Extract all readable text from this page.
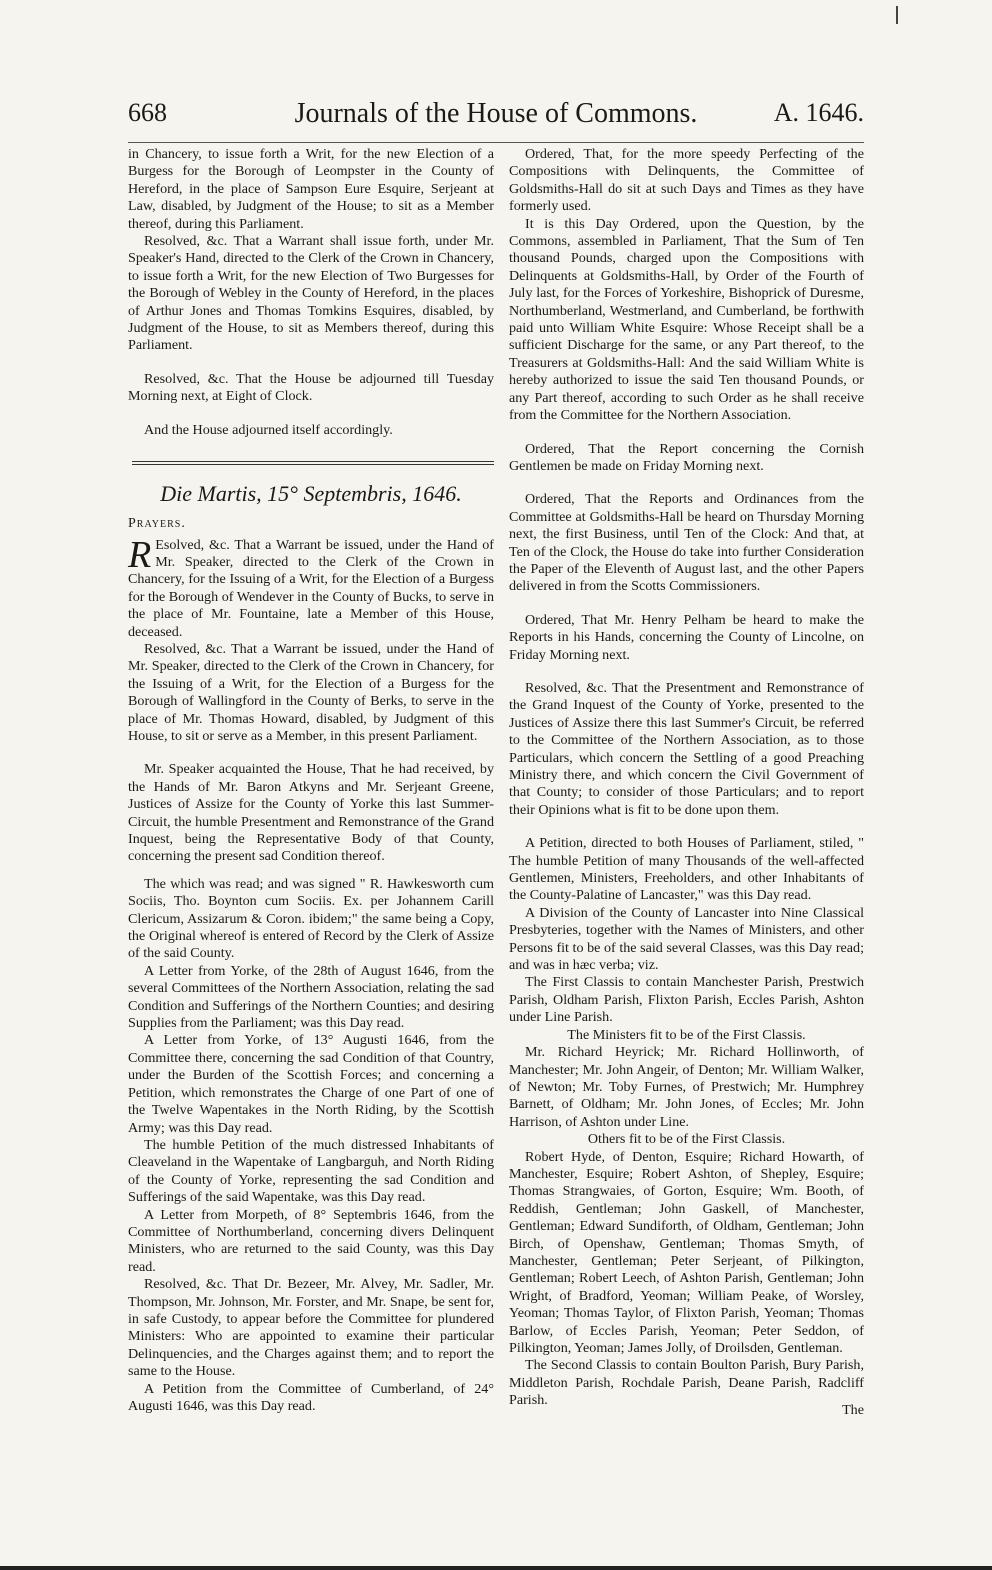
668	Journals of the House of Commons.	A. 1646.

in Chancery, to issue forth a Writ, for the new Election of a Burgess for the Borough of Leompster in the County of Hereford, in the place of Sampson Eure Esquire, Serjeant at Law, disabled, by Judgment of the House; to sit as a Member thereof, during this Parliament.

Resolved, &c. That a Warrant shall issue forth, under Mr. Speaker's Hand, directed to the Clerk of the Crown in Chancery, to issue forth a Writ, for the new Election of Two Burgesses for the Borough of Webley in the County of Hereford, in the places of Arthur Jones and Thomas Tomkins Esquires, disabled, by Judgment of the House, to sit as Members thereof, during this Parliament.

Resolved, &c. That the House be adjourned till Tuesday Morning next, at Eight of Clock.

And the House adjourned itself accordingly.

Die Martis, 15° Septembris, 1646.

Prayers.

R Esolved, &c. That a Warrant be issued, under the Hand of Mr. Speaker, directed to the Clerk of the Crown in Chancery, for the Issuing of a Writ, for the Election of a Burgess for the Borough of Wendever in the County of Bucks, to serve in the place of Mr. Fountaine, late a Member of this House, deceased.

Resolved, &c. That a Warrant be issued, under the Hand of Mr. Speaker, directed to the Clerk of the Crown in Chancery, for the Issuing of a Writ, for the Election of a Burgess for the Borough of Wallingford in the County of Berks, to serve in the place of Mr. Thomas Howard, disabled, by Judgment of this House, to sit or serve as a Member, in this present Parliament.

Mr. Speaker acquainted the House, That he had received, by the Hands of Mr. Baron Atkyns and Mr. Serjeant Greene, Justices of Assize for the County of Yorke this last Summer-Circuit, the humble Presentment and Remonstrance of the Grand Inquest, being the Representative Body of that County, concerning the present sad Condition thereof.

The which was read; and was signed " R. Hawkesworth cum Sociis, Tho. Boynton cum Sociis. Ex. per Johannem Carill Clericum, Assizarum & Coron. ibidem;" the same being a Copy, the Original whereof is entered of Record by the Clerk of Assize of the said County.

A Letter from Yorke, of the 28th of August 1646, from the several Committees of the Northern Association, relating the sad Condition and Sufferings of the Northern Counties; and desiring Supplies from the Parliament; was this Day read.

A Letter from Yorke, of 13° Augusti 1646, from the Committee there, concerning the sad Condition of that Country, under the Burden of the Scottish Forces; and concerning a Petition, which remonstrates the Charge of one Part of one of the Twelve Wapentakes in the North Riding, by the Scottish Army; was this Day read.

The humble Petition of the much distressed Inhabitants of Cleaveland in the Wapentake of Langbarguh, and North Riding of the County of Yorke, representing the sad Condition and Sufferings of the said Wapentake, was this Day read.

A Letter from Morpeth, of 8° Septembris 1646, from the Committee of Northumberland, concerning divers Delinquent Ministers, who are returned to the said County, was this Day read.

Resolved, &c. That Dr. Bezeer, Mr. Alvey, Mr. Sadler, Mr. Thompson, Mr. Johnson, Mr. Forster, and Mr. Snape, be sent for, in safe Custody, to appear before the Committee for plundered Ministers: Who are appointed to examine their particular Delinquencies, and the Charges against them; and to report the same to the House.

A Petition from the Committee of Cumberland, of 24° Augusti 1646, was this Day read.

Ordered, That, for the more speedy Perfecting of the Compositions with Delinquents, the Committee of Goldsmiths-Hall do sit at such Days and Times as they have formerly used.

It is this Day Ordered, upon the Question, by the Commons, assembled in Parliament, That the Sum of Ten thousand Pounds, charged upon the Compositions with Delinquents at Goldsmiths-Hall, by Order of the Fourth of July last, for the Forces of Yorkeshire, Bishoprick of Duresme, Northumberland, Westmerland, and Cumberland, be forthwith paid unto William White Esquire: Whose Receipt shall be a sufficient Discharge for the same, or any Part thereof, to the Treasurers at Goldsmiths-Hall: And the said William White is hereby authorized to issue the said Ten thousand Pounds, or any Part thereof, according to such Order as he shall receive from the Committee for the Northern Association.

Ordered, That the Report concerning the Cornish Gentlemen be made on Friday Morning next.

Ordered, That the Reports and Ordinances from the Committee at Goldsmiths-Hall be heard on Thursday Morning next, the first Business, until Ten of the Clock: And that, at Ten of the Clock, the House do take into further Consideration the Paper of the Eleventh of August last, and the other Papers delivered in from the Scotts Commissioners.

Ordered, That Mr. Henry Pelham be heard to make the Reports in his Hands, concerning the County of Lincolne, on Friday Morning next.

Resolved, &c. That the Presentment and Remonstrance of the Grand Inquest of the County of Yorke, presented to the Justices of Assize there this last Summer's Circuit, be referred to the Committee of the Northern Association, as to those Particulars, which concern the Settling of a good Preaching Ministry there, and which concern the Civil Government of that County; to consider of those Particulars; and to report their Opinions what is fit to be done upon them.

A Petition, directed to both Houses of Parliament, stiled, " The humble Petition of many Thousands of the well-affected Gentlemen, Ministers, Freeholders, and other Inhabitants of the County-Palatine of Lancaster," was this Day read.

A Division of the County of Lancaster into Nine Classical Presbyteries, together with the Names of Ministers, and other Persons fit to be of the said several Classes, was this Day read; and was in hæc verba; viz.

The First Classis to contain Manchester Parish, Prestwich Parish, Oldham Parish, Flixton Parish, Eccles Parish, Ashton under Line Parish.

The Ministers fit to be of the First Classis.

Mr. Richard Heyrick; Mr. Richard Hollinworth, of Manchester; Mr. John Angeir, of Denton; Mr. William Walker, of Newton; Mr. Toby Furnes, of Prestwich; Mr. Humphrey Barnett, of Oldham; Mr. John Jones, of Eccles; Mr. John Harrison, of Ashton under Line.

Others fit to be of the First Classis.

Robert Hyde, of Denton, Esquire; Richard Howarth, of Manchester, Esquire; Robert Ashton, of Shepley, Esquire; Thomas Strangwaies, of Gorton, Esquire; Wm. Booth, of Reddish, Gentleman; John Gaskell, of Manchester, Gentleman; Edward Sundiforth, of Oldham, Gentleman; John Birch, of Openshaw, Gentleman; Thomas Smyth, of Manchester, Gentleman; Peter Serjeant, of Pilkington, Gentleman; Robert Leech, of Ashton Parish, Gentleman; John Wright, of Bradford, Yeoman; William Peake, of Worsley, Yeoman; Thomas Taylor, of Flixton Parish, Yeoman; Thomas Barlow, of Eccles Parish, Yeoman; Peter Seddon, of Pilkington, Yeoman; James Jolly, of Droilsden, Gentleman.

The Second Classis to contain Boulton Parish, Bury Parish, Middleton Parish, Rochdale Parish, Deane Parish, Radcliff Parish.

The
